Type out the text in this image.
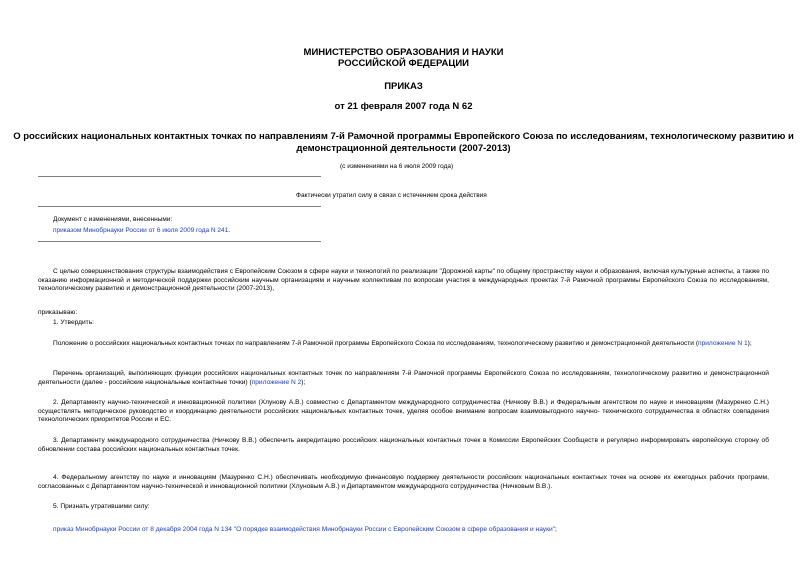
МИНИСТЕРСТВО ОБРАЗОВАНИЯ И НАУКИ
РОССИЙСКОЙ ФЕДЕРАЦИИ
ПРИКАЗ
от 21 февраля 2007 года N 62
О российских национальных контактных точках по направлениям 7-й Рамочной программы Европейского Союза по исследованиям, технологическому развитию и
демонстрационной деятельности (2007-2013)
(с изменениями на 6 июля 2009 года)
Фактически утратил силу в связи с истечением срока действия
Документ с изменениями, внесенными:
приказом Минобрнауки России от 6 июля 2009 года N 241.
С целью совершенствования структуры взаимодействия с Европейским Союзом в сфере науки и технологий по реализации "Дорожной карты" по общему пространству науки и образования, включая культурные аспекты, а также по оказанию информационной и методической поддержки российским научным организациям и научным коллективам по вопросам участия в международных проектах 7-й Рамочной программы Европейского Союза по исследованиям, технологическому развитию и демонстрационной деятельности (2007-2013),
приказываю:
1. Утвердить:
Положение о российских национальных контактных точках по направлениям 7-й Рамочной программы Европейского Союза по исследованиям, технологическому развитию и демонстрационной деятельности (приложение N 1);
Перечень организаций, выполняющих функции российских национальных контактных точек по направлениям 7-й Рамочной программы Европейского Союза по исследованиям, технологическому развитию и демонстрационной деятельности (далее - российские национальные контактные точки) (приложение N 2);
2. Департаменту научно-технической и инновационной политики (Хлунову А.В.) совместно с Департаментом международного сотрудничества (Ничкову В.В.) и Федеральным агентством по науке и инновациям (Мазуренко С.Н.) осуществлять методическое руководство и координацию деятельности российских национальных контактных точек, уделяя особое внимание вопросам взаимовыгодного научно- технического сотрудничества в областях совпадения технологических приоритетов России и ЕС.
3. Департаменту международного сотрудничества (Ничкову В.В.) обеспечить аккредитацию российских национальных контактных точек в Комиссии Европейских Сообществ и регулярно информировать европейскую сторону об обновлении состава российских национальных контактных точек.
4. Федеральному агентству по науке и инновациям (Мазуренко С.Н.) обеспечивать необходимую финансовую поддержку деятельности российских национальных контактных точек на основе их ежегодных рабочих программ, согласованных с Департаментом научно-технической и инновационной политики (Хлуновым А.В.) и Департаментом международного сотрудничества (Ничковым В.В.).
5. Признать утратившими силу:
приказ Минобрнауки России от 8 декабря 2004 года N 134 "О порядке взаимодействия Минобрнауки России с Европейским Союзом в сфере образования и науки";
